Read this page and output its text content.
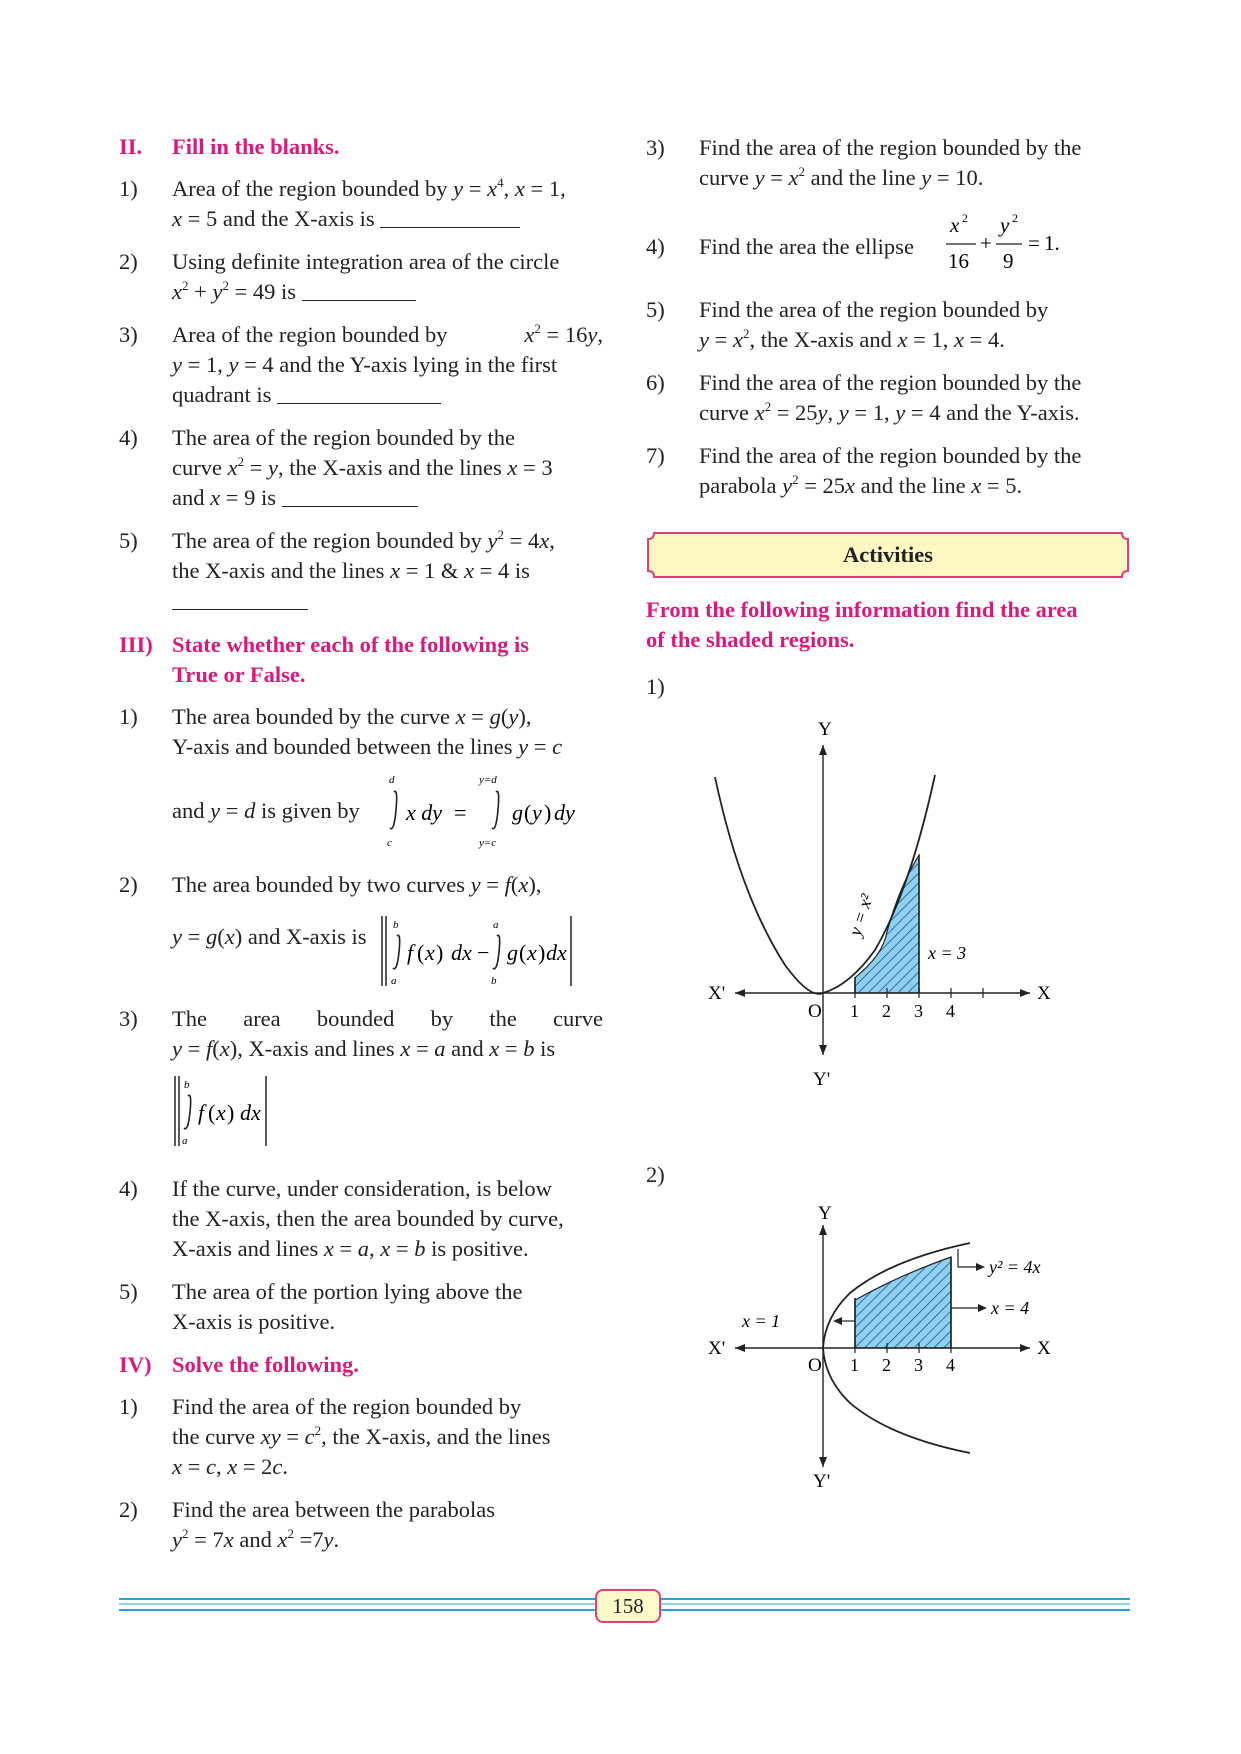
II. Fill in the blanks.
1) Area of the region bounded by $y = x^4$, x = 1,
x = 5 and the X-axis is
2) Using definite integration area of the circle
$x^2 + y^2 = 49$ is
3) Area of the region bounded by	$x^2 = 16y$,
y = 1, y = 4 and the Y-axis lying in the first
quadrant is
4) The area of the region bounded by the
curve $x^2 = y$, the X-axis and the lines x = 3
and x = 9 is
5) The area of the region bounded by $y^2 = 4x$,
the X-axis and the lines x = 1 & x = 4 is
III) State whether each of the following is
True or False.
1) The area bounded by the curve x = g(y),
Y-axis and bounded between the lines y = c
and y = d is given by
d
c
x dy =
y=d
y=c
g ( y ) dy
2) The area bounded by two curves y = f(x),
y = g(x) and X-axis is	b
a
f ( x ) dx −
a
b
g ( x ) dx
3) The area bounded by the curve
y = f(x), X-axis and lines x = a and x = b is
b
a
f ( x ) dx
4) If the curve, under consideration, is below
the X-axis, then the area bounded by curve,
X-axis and lines x = a, x = b is positive.
5) The area of the portion lying above the
X-axis is positive.
IV) Solve the following.
1) Find the area of the region bounded by
the curve xy = $c^2$, the X-axis, and the lines
x = c, x = 2c.
2) Find the area between the parabolas
$y^2 = 7x$ and $x^2 =7y$.
3) Find the area of the region bounded by the
curve $y = x^2$ and the line y = 10.
4) Find the area the ellipse
x 2
16
+
y 2
9
= 1.
5) Find the area of the region bounded by
$y = x^2$, the X-axis and x = 1, x = 4.
6) Find the area of the region bounded by the
curve $x^2 = 25y$, y = 1, y = 4 and the Y-axis.
7) Find the area of the region bounded by the
parabola $y^2 = 25x$ and the line x = 5.
Activities
From the following information find the area
of the shaded regions.
1)
Y
Y'
X
X'
O 1 2 3 4
y = x²
x = 3
2)
Y
Y'
X
X'
O 1 2 3 4
y² = 4x
x = 4
x = 1
158
